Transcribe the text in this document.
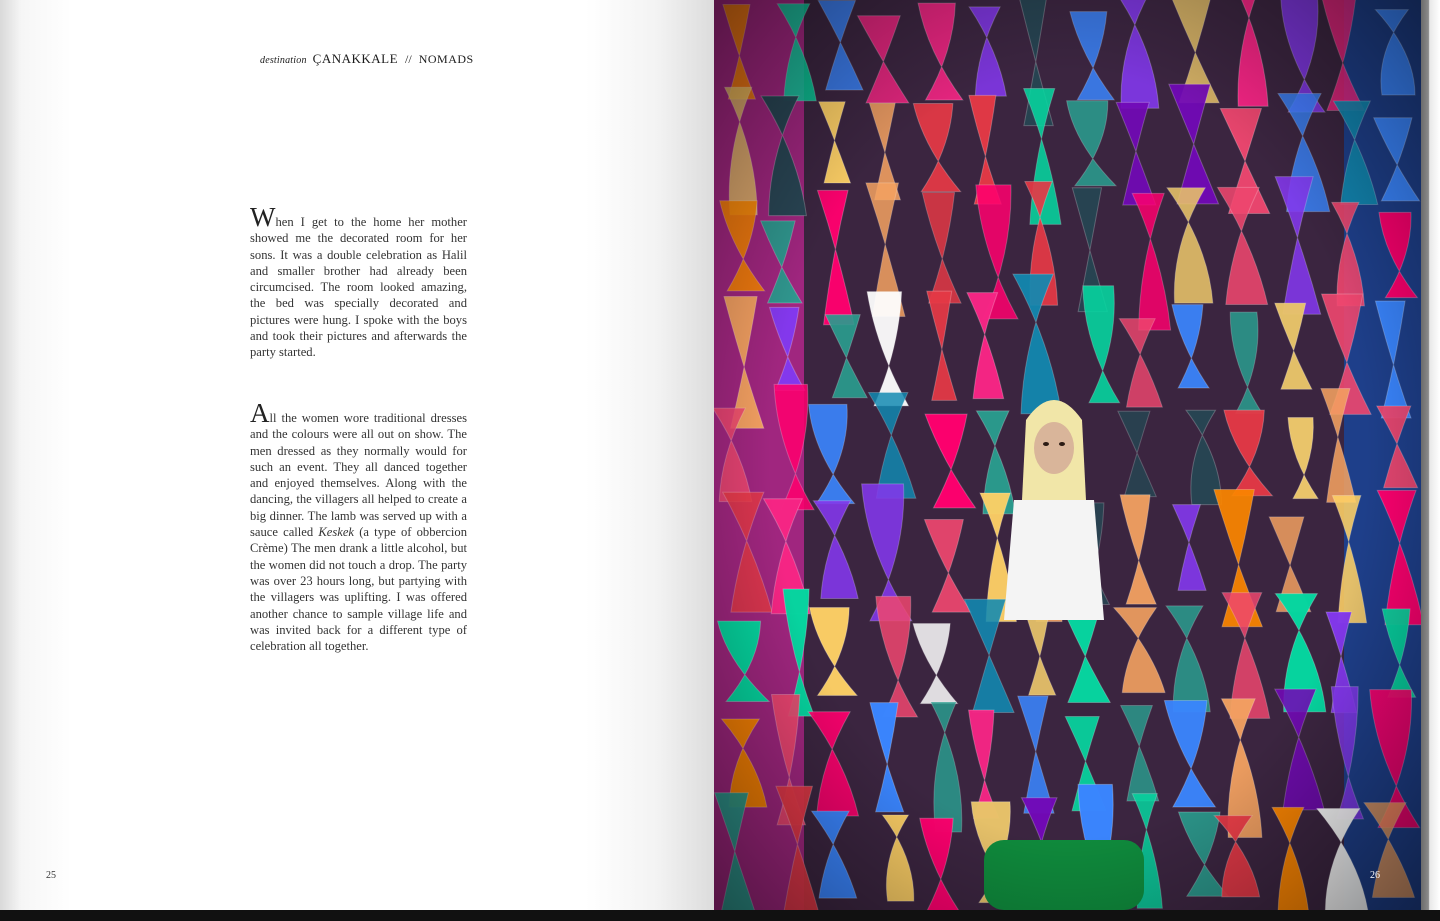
destination ÇANAKKALE // NOMADS

When I get to the home her mother showed me the decorated room for her sons. It was a double celebration as Halil and smaller brother had already been circumcised. The room looked amazing, the bed was specially decorated and pictures were hung. I spoke with the boys and took their pictures and afterwards the party started.

All the women wore traditional dresses and the colours were all out on show. The men dressed as they normally would for such an event. They all danced together and enjoyed themselves. Along with the dancing, the villagers all helped to create a big dinner. The lamb was served up with a sauce called Keskek (a type of obbercion Crème) The men drank a little alcohol, but the women did not touch a drop. The party was over 23 hours long, but partying with the villagers was uplifting. I was offered another chance to sample village life and was invited back for a different type of celebration all together.

25	26
